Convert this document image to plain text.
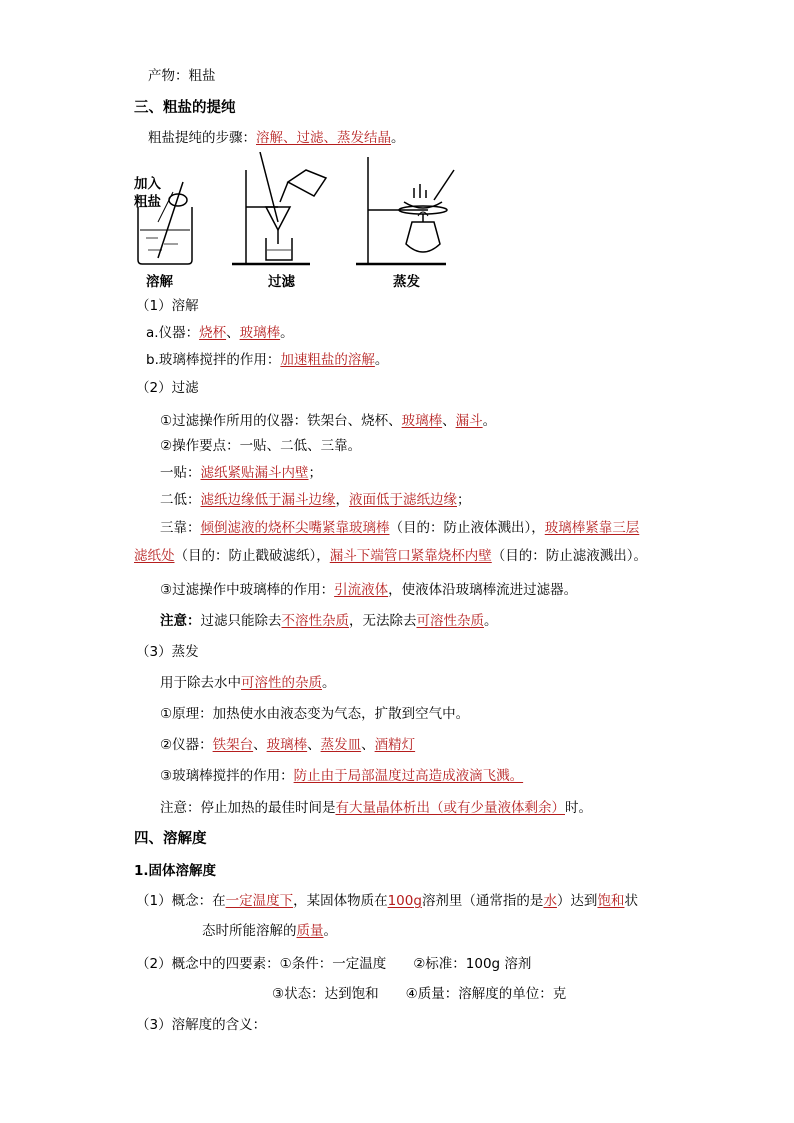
产物：粗盐
三、粗盐的提纯
粗盐提纯的步骤：溶解、过滤、蒸发结晶。
加入
粗盐
溶解	过滤	蒸发
（1）溶解
a.仪器：烧杯、玻璃棒。
b.玻璃棒搅拌的作用：加速粗盐的溶解。
（2）过滤
①过滤操作所用的仪器：铁架台、烧杯、玻璃棒、漏斗。
②操作要点：一贴、二低、三靠。
一贴：滤纸紧贴漏斗内壁；
二低：滤纸边缘低于漏斗边缘，液面低于滤纸边缘；
三靠：倾倒滤液的烧杯尖嘴紧靠玻璃棒（目的：防止液体溅出），玻璃棒紧靠三层
滤纸处（目的：防止戳破滤纸），漏斗下端管口紧靠烧杯内壁（目的：防止滤液溅出）。
③过滤操作中玻璃棒的作用：引流液体，使液体沿玻璃棒流进过滤器。
注意：过滤只能除去不溶性杂质，无法除去可溶性杂质。
（3）蒸发
用于除去水中可溶性的杂质。
①原理：加热使水由液态变为气态，扩散到空气中。
②仪器：铁架台、玻璃棒、蒸发皿、酒精灯
③玻璃棒搅拌的作用：防止由于局部温度过高造成液滴飞溅。
注意：停止加热的最佳时间是有大量晶体析出（或有少量液体剩余）时。
四、溶解度
1.固体溶解度
（1）概念：在一定温度下，某固体物质在100g溶剂里（通常指的是水）达到饱和状
态时所能溶解的质量。
（2）概念中的四要素：①条件：一定温度　　②标准：100g 溶剂
③状态：达到饱和　　④质量：溶解度的单位：克
（3）溶解度的含义：
